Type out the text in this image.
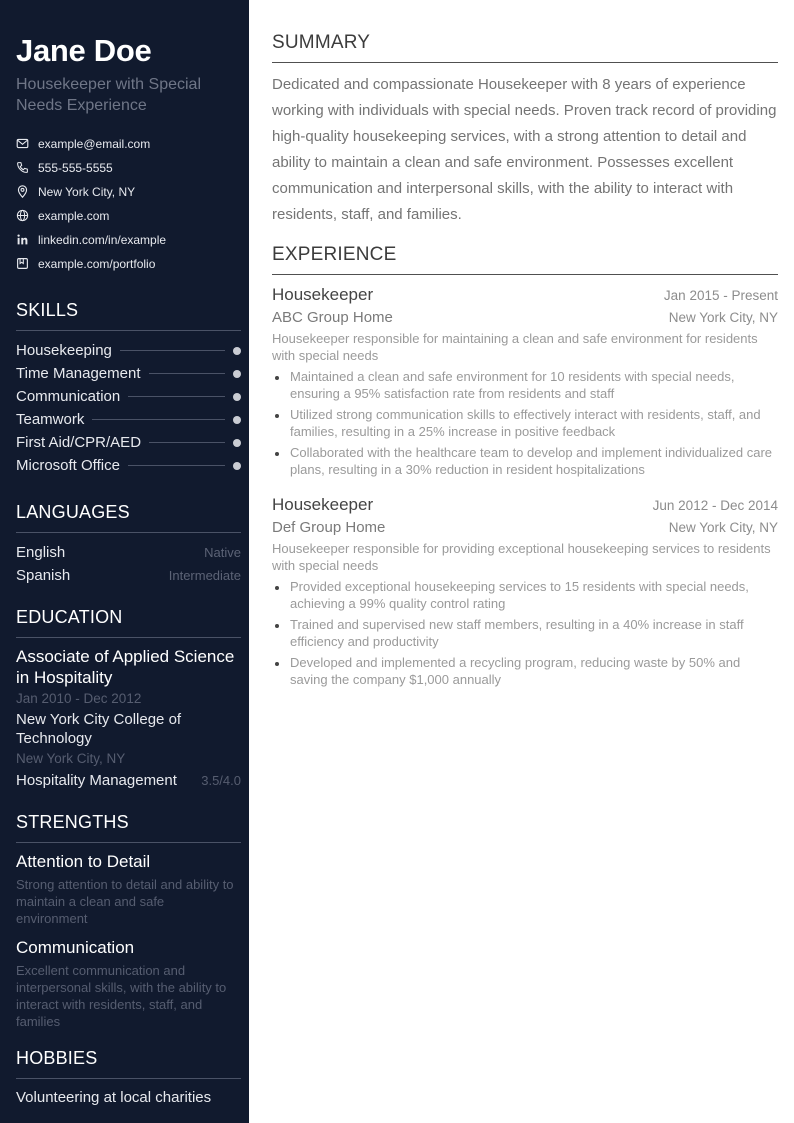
Jane Doe
Housekeeper with Special Needs Experience
example@email.com
555-555-5555
New York City, NY
example.com
linkedin.com/in/example
example.com/portfolio
SKILLS
Housekeeping
Time Management
Communication
Teamwork
First Aid/CPR/AED
Microsoft Office
LANGUAGES
English	Native
Spanish	Intermediate
EDUCATION
Associate of Applied Science in Hospitality
Jan 2010 - Dec 2012
New York City College of Technology
New York City, NY
Hospitality Management 3.5/4.0
STRENGTHS
Attention to Detail
Strong attention to detail and ability to maintain a clean and safe environment
Communication
Excellent communication and interpersonal skills, with the ability to interact with residents, staff, and families
HOBBIES
Volunteering at local charities
SUMMARY
Dedicated and compassionate Housekeeper with 8 years of experience working with individuals with special needs. Proven track record of providing high-quality housekeeping services, with a strong attention to detail and ability to maintain a clean and safe environment. Possesses excellent communication and interpersonal skills, with the ability to interact with residents, staff, and families.
EXPERIENCE
Housekeeper	Jan 2015 - Present
ABC Group Home	New York City, NY
Housekeeper responsible for maintaining a clean and safe environment for residents with special needs
Maintained a clean and safe environment for 10 residents with special needs, ensuring a 95% satisfaction rate from residents and staff
Utilized strong communication skills to effectively interact with residents, staff, and families, resulting in a 25% increase in positive feedback
Collaborated with the healthcare team to develop and implement individualized care plans, resulting in a 30% reduction in resident hospitalizations
Housekeeper	Jun 2012 - Dec 2014
Def Group Home	New York City, NY
Housekeeper responsible for providing exceptional housekeeping services to residents with special needs
Provided exceptional housekeeping services to 15 residents with special needs, achieving a 99% quality control rating
Trained and supervised new staff members, resulting in a 40% increase in staff efficiency and productivity
Developed and implemented a recycling program, reducing waste by 50% and saving the company $1,000 annually
